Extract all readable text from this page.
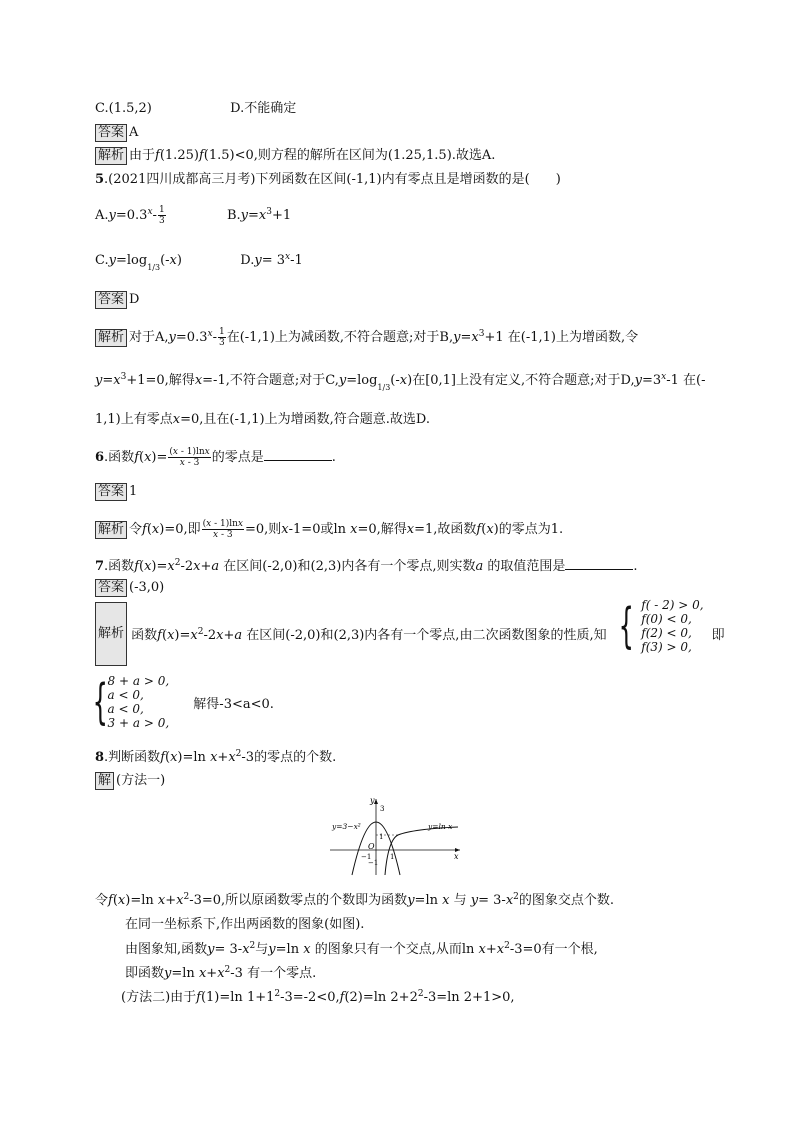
C.(1.5,2)	D.不能确定
答案 A
解析 由于f(1.25)f(1.5)<0,则方程的解所在区间为(1.25,1.5).故选A.
5.(2021四川成都高三月考)下列函数在区间(-1,1)内有零点且是增函数的是(　　)
$A.y=0.3^x- \frac{1}{3}$	$B.y=x^3+1$
$C.y=\log_{1/3}(-x)$	$D.y= 3^x-1$
答案 D
解析 对于$A,y=0.3^x- \frac{1}{3}$ 在(-1,1)上为减函数,不符合题意;对于$B,y=x^3+1$ 在(-1,1)上为增函数,令
$y=x^3+1=0$,解得x=-1,不符合题意;对于$C,y=\log_{1/3}(-x)$在[0,1]上没有定义,不符合题意;对于$D,y=3^x-1$ 在(-
1,1)上有零点x=0,且在(-1,1)上为增函数,符合题意.故选D.
6.函数$f(x)= \frac{(x - 1)\ln x}{x - 3}$ 的零点是	.
答案 1
解析 令f(x)=0,即 $\frac{(x - 1)\ln x}{x - 3} =0$,则x-1=0或ln x=0,解得x=1,故函数f(x)的零点为1.
7.函数$f(x)=x^2-2x+a$ 在区间(-2,0)和(2,3)内各有一个零点,则实数a 的取值范围是	.
答案 (-3,0)
解析 函数$f(x)=x^2-2x+a$ 在区间(-2,0)和(2,3)内各有一个零点,由二次函数图象的性质,知 { f( - 2) > 0,
f(0) < 0,
f(2) < 0,
f(3) > 0, 即
{8 + a > 0,
a < 0,
a < 0,
3 + a > 0, 解得-3<a<0.
8.判断函数f(x)=ln $x+x^2-3$的零点的个数.
解 (方法一)
y
x
3
1
O
−1	1
−1
y=3−x²	y=ln x
令f(x)=ln $x+x^2-3=0$,所以原函数零点的个数即为函数y=ln x 与 $y= 3-x^2$的图象交点个数.
在同一坐标系下,作出两函数的图象(如图).
由图象知,函数$y= 3-x^2$与y=ln x 的图象只有一个交点,从而$\ln x+x^2-3=0$有一个根,
即函数y=ln $x+x^2-3$ 有一个零点.
(方法二)由于f(1)=ln $1+1^2-3=-2<0,f(2)=\ln$ $2+2^2-3=\ln$ 2+1>0,
